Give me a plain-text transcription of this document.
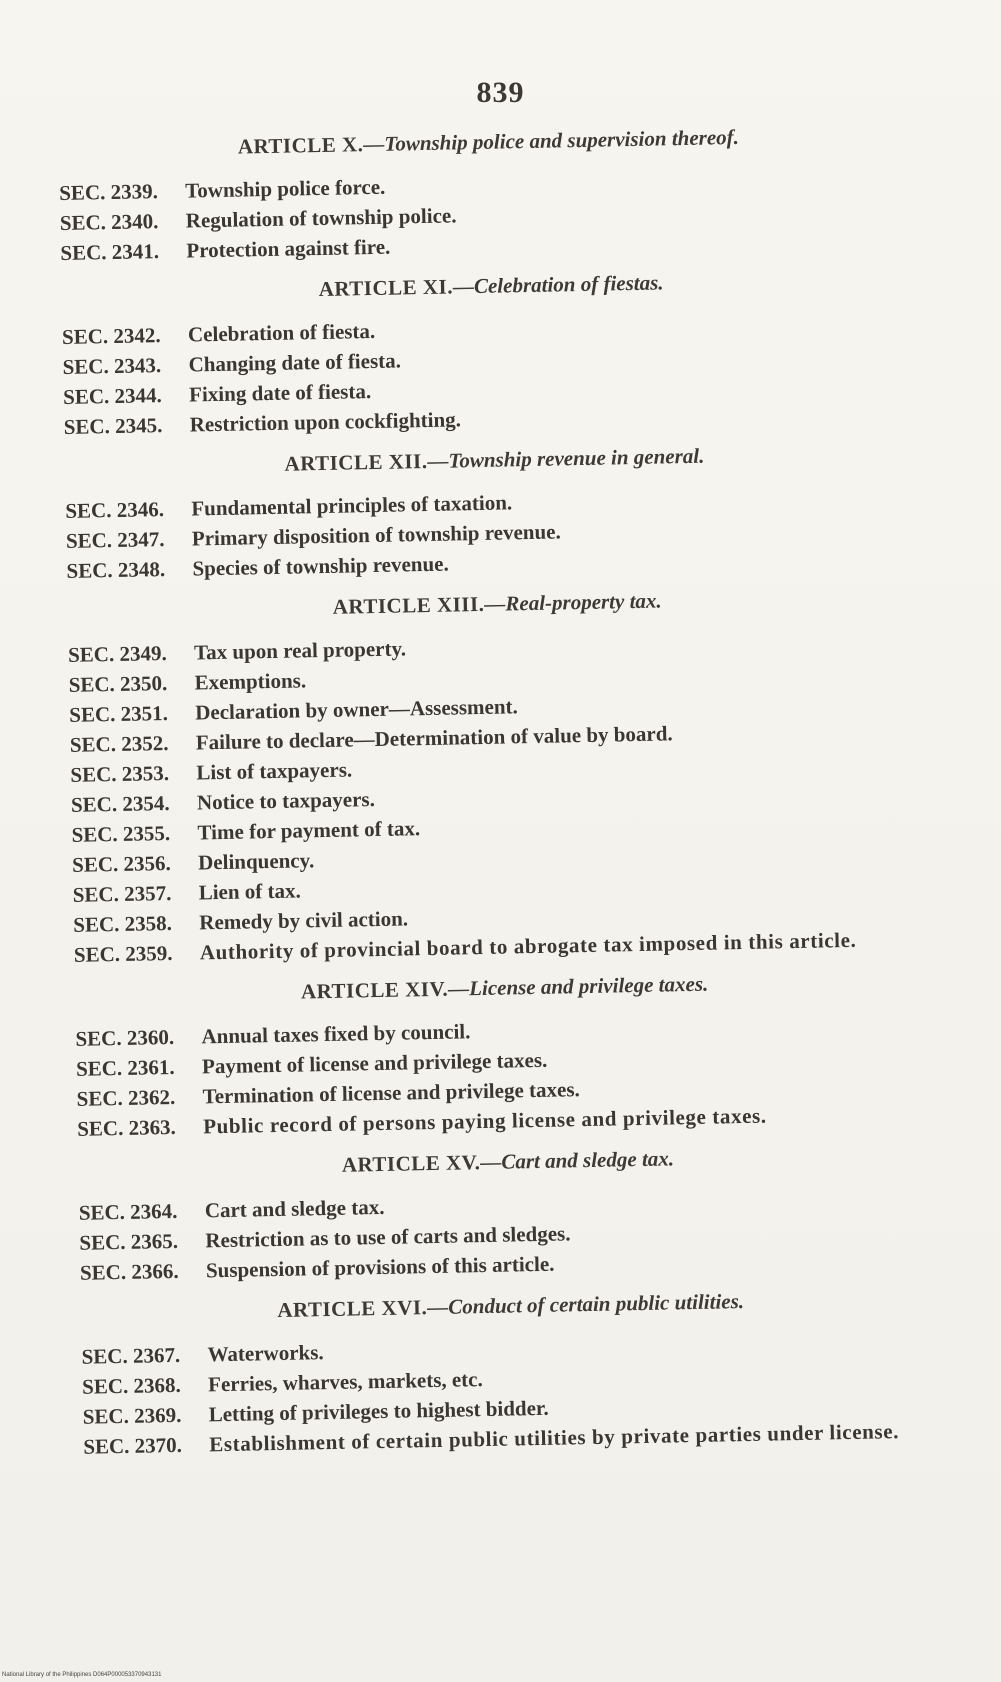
839
ARTICLE X.—Township police and supervision thereof.
SEC. 2339.	Township police force.
SEC. 2340.	Regulation of township police.
SEC. 2341.	Protection against fire.
ARTICLE XI.—Celebration of fiestas.
SEC. 2342.	Celebration of fiesta.
SEC. 2343.	Changing date of fiesta.
SEC. 2344.	Fixing date of fiesta.
SEC. 2345.	Restriction upon cockfighting.
ARTICLE XII.—Township revenue in general.
SEC. 2346.	Fundamental principles of taxation.
SEC. 2347.	Primary disposition of township revenue.
SEC. 2348.	Species of township revenue.
ARTICLE XIII.—Real-property tax.
SEC. 2349.	Tax upon real property.
SEC. 2350.	Exemptions.
SEC. 2351.	Declaration by owner—Assessment.
SEC. 2352.	Failure to declare—Determination of value by board.
SEC. 2353.	List of taxpayers.
SEC. 2354.	Notice to taxpayers.
SEC. 2355.	Time for payment of tax.
SEC. 2356.	Delinquency.
SEC. 2357.	Lien of tax.
SEC. 2358.	Remedy by civil action.
SEC. 2359.	Authority of provincial board to abrogate tax imposed in this article.
ARTICLE XIV.—License and privilege taxes.
SEC. 2360.	Annual taxes fixed by council.
SEC. 2361.	Payment of license and privilege taxes.
SEC. 2362.	Termination of license and privilege taxes.
SEC. 2363.	Public record of persons paying license and privilege taxes.
ARTICLE XV.—Cart and sledge tax.
SEC. 2364.	Cart and sledge tax.
SEC. 2365.	Restriction as to use of carts and sledges.
SEC. 2366.	Suspension of provisions of this article.
ARTICLE XVI.—Conduct of certain public utilities.
SEC. 2367.	Waterworks.
SEC. 2368.	Ferries, wharves, markets, etc.
SEC. 2369.	Letting of privileges to highest bidder.
SEC. 2370.	Establishment of certain public utilities by private parties under license.
National Library of the Philippines D064P000053370943131
